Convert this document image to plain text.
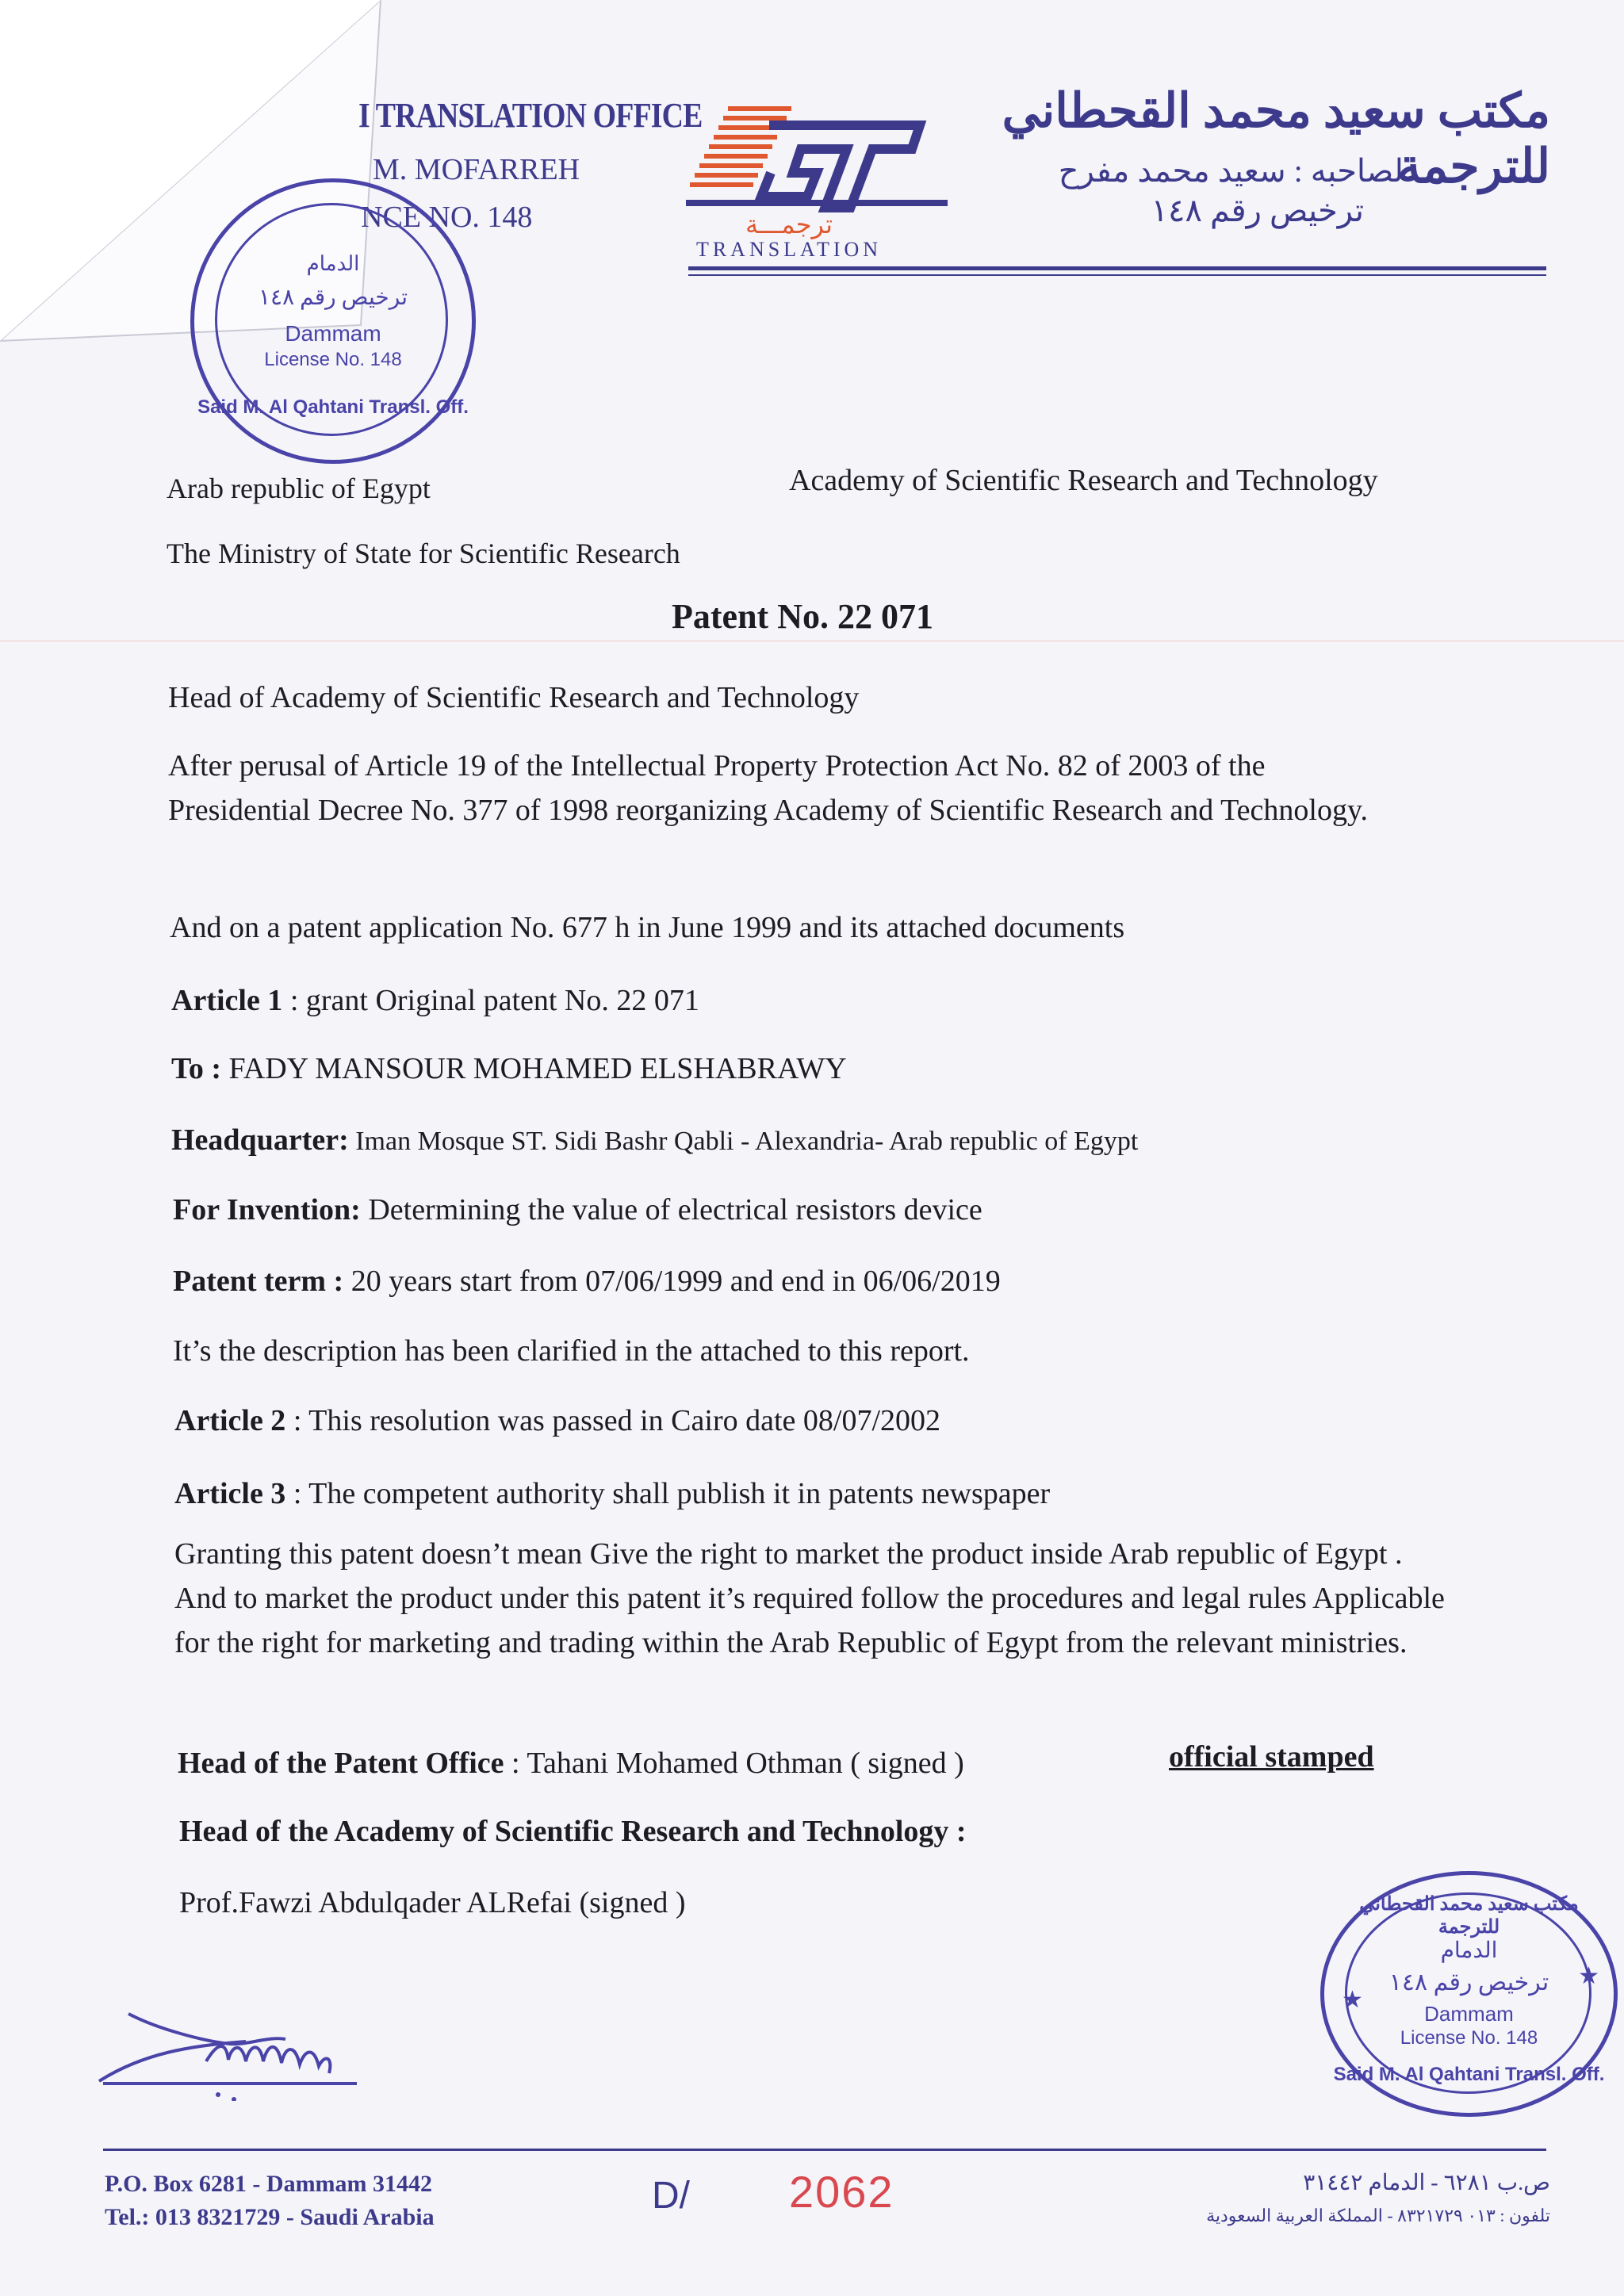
I TRANSLATION OFFICE
M. MOFARREH
NCE NO. 148	ترجمـــة
TRANSLATION
مكتب سعيد محمد القحطاني للترجمة
لصاحبه : سعيد محمد مفرح
ترخيص رقم ١٤٨
الدمام
ترخيص رقم ١٤٨
Dammam
License No. 148
Said M. Al Qahtani Transl. Off.
Arab republic of Egypt	Academy of Scientific Research and Technology
The Ministry of State for Scientific Research
Patent No. 22 071
Head of Academy of Scientific Research and Technology
After perusal of Article 19 of the Intellectual Property Protection Act No. 82 of 2003 of the Presidential Decree No. 377 of 1998 reorganizing Academy of Scientific Research and Technology.
And on a patent application No. 677 h in June 1999 and its attached documents
Article 1 : grant Original patent No. 22 071
To : FADY MANSOUR MOHAMED ELSHABRAWY
Headquarter: Iman Mosque ST. Sidi Bashr Qabli - Alexandria- Arab republic of Egypt
For Invention: Determining the value of electrical resistors device
Patent term : 20 years start from 07/06/1999 and end in 06/06/2019
It’s the description has been clarified in the attached to this report.
Article 2 : This resolution was passed in Cairo date 08/07/2002
Article 3 : The competent authority shall publish it in patents newspaper
Granting this patent doesn’t mean Give the right to market the product inside Arab republic of Egypt . And to market the product under this patent it’s required follow the procedures and legal rules Applicable for the right for marketing and trading within the Arab Republic of Egypt from the relevant ministries.
Head of the Patent Office : Tahani Mohamed Othman ( signed )	official stamped
Head of the Academy of Scientific Research and Technology :
Prof.Fawzi Abdulqader ALRefai (signed )	مكتب سعيد محمد القحطاني للترجمة
الدمام
ترخيص رقم ١٤٨
Dammam
License No. 148
Said M. Al Qahtani Transl. Off.
★
★
P.O. Box 6281 - Dammam 31442
Tel.: 013 8321729 - Saudi Arabia
D/ 2062	ص.ب ٦٢٨١ - الدمام ٣١٤٤٢
تلفون : ٠١٣ ٨٣٢١٧٢٩ - المملكة العربية السعودية
